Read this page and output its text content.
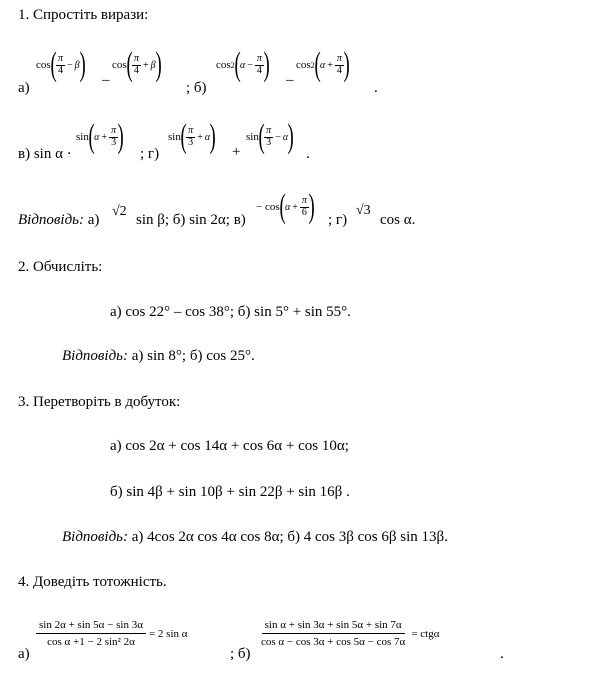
1. Спростіть вирази:
а)
cos ( $\frac{\pi}{4} - \beta$ ) –
cos ( $\frac{\pi}{4} + \beta$ )
; б)
cos 2 ( $\alpha - \frac{\pi}{4}$ ) –
cos 2 ( $\alpha + \frac{\pi}{4}$ )
.
в) sin α ·
sin ( $\alpha + \frac{\pi}{3}$ ) ; г)
sin ( $\frac{\pi}{3} + \alpha$ ) +
sin ( $\frac{\pi}{3} - \alpha$ ) .
Відповідь: а)
√2
sin β; б) sin 2α; в)
− cos ( $\alpha + \frac{\pi}{6}$ ) ; г)
√3
cos α.
2. Обчисліть:
а) cos 22° – cos 38°; б) sin 5° + sin 55°.
Відповідь: а) sin 8°; б) cos 25°.
3. Перетворіть в добуток:
а) cos 2α + cos 14α + cos 6α + cos 10α;
б) sin 4β + sin 10β + sin 22β + sin 16β .
Відповідь: а) 4cos 2α cos 4α cos 8α; б) 4 cos 3β cos 6β sin 13β.
4. Доведіть тотожність.
а)
$\frac{\sin 2\alpha + \sin 5\alpha - \sin 3\alpha}{\text{cos α +1 − 2 sin² 2α}} = 2$ sin α
; б)
$\frac{\text{sin α + sin 3α + sin 5α + sin 7α}}{\text{cos α − cos 3α + cos 5α − cos 7α}} = ctg\alpha$
.
